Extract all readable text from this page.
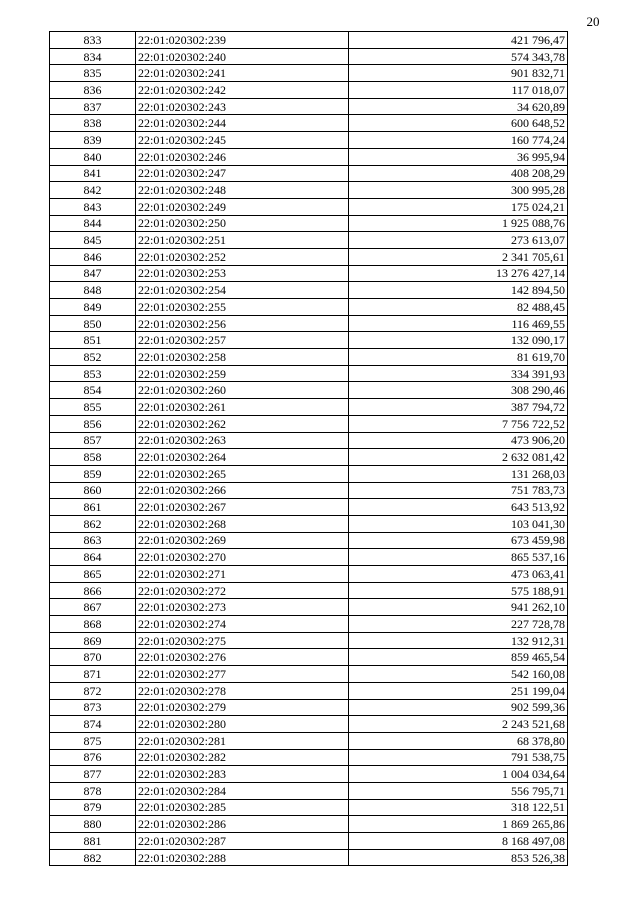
20
833	22:01:020302:239	421 796,47
834	22:01:020302:240	574 343,78
835	22:01:020302:241	901 832,71
836	22:01:020302:242	117 018,07
837	22:01:020302:243	34 620,89
838	22:01:020302:244	600 648,52
839	22:01:020302:245	160 774,24
840	22:01:020302:246	36 995,94
841	22:01:020302:247	408 208,29
842	22:01:020302:248	300 995,28
843	22:01:020302:249	175 024,21
844	22:01:020302:250	1 925 088,76
845	22:01:020302:251	273 613,07
846	22:01:020302:252	2 341 705,61
847	22:01:020302:253	13 276 427,14
848	22:01:020302:254	142 894,50
849	22:01:020302:255	82 488,45
850	22:01:020302:256	116 469,55
851	22:01:020302:257	132 090,17
852	22:01:020302:258	81 619,70
853	22:01:020302:259	334 391,93
854	22:01:020302:260	308 290,46
855	22:01:020302:261	387 794,72
856	22:01:020302:262	7 756 722,52
857	22:01:020302:263	473 906,20
858	22:01:020302:264	2 632 081,42
859	22:01:020302:265	131 268,03
860	22:01:020302:266	751 783,73
861	22:01:020302:267	643 513,92
862	22:01:020302:268	103 041,30
863	22:01:020302:269	673 459,98
864	22:01:020302:270	865 537,16
865	22:01:020302:271	473 063,41
866	22:01:020302:272	575 188,91
867	22:01:020302:273	941 262,10
868	22:01:020302:274	227 728,78
869	22:01:020302:275	132 912,31
870	22:01:020302:276	859 465,54
871	22:01:020302:277	542 160,08
872	22:01:020302:278	251 199,04
873	22:01:020302:279	902 599,36
874	22:01:020302:280	2 243 521,68
875	22:01:020302:281	68 378,80
876	22:01:020302:282	791 538,75
877	22:01:020302:283	1 004 034,64
878	22:01:020302:284	556 795,71
879	22:01:020302:285	318 122,51
880	22:01:020302:286	1 869 265,86
881	22:01:020302:287	8 168 497,08
882	22:01:020302:288	853 526,38
